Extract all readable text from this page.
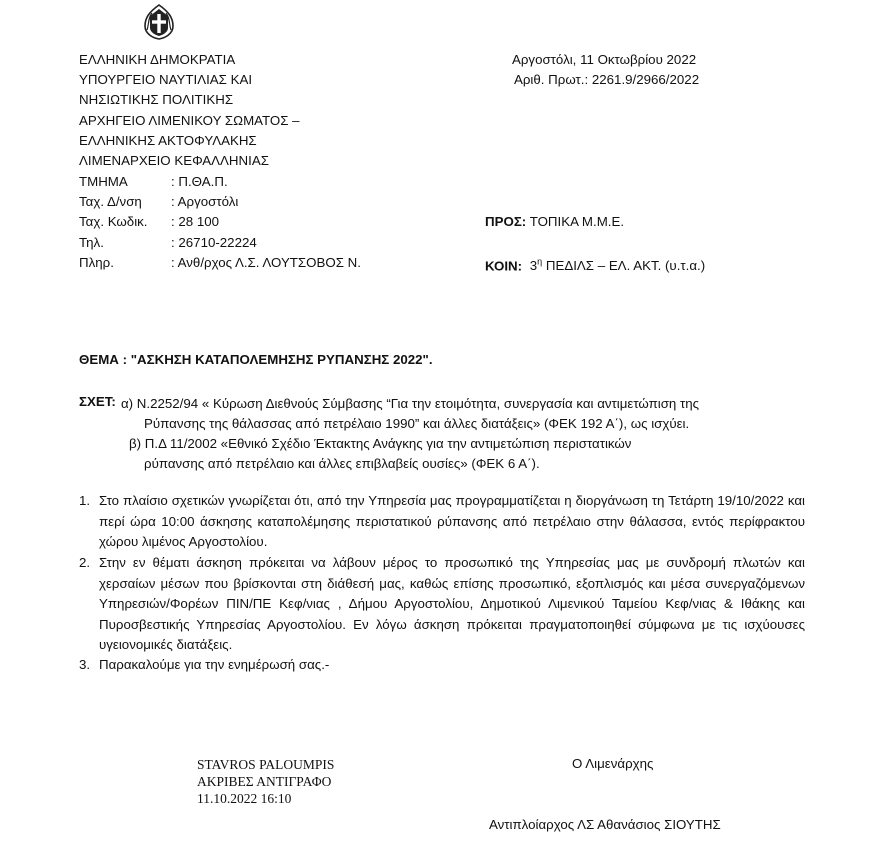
ΕΛΛΗΝΙΚΗ ΔΗΜΟΚΡΑΤΙΑ
ΥΠΟΥΡΓΕΙΟ ΝΑΥΤΙΛΙΑΣ ΚΑΙ
ΝΗΣΙΩΤΙΚΗΣ ΠΟΛΙΤΙΚΗΣ
ΑΡΧΗΓΕΙΟ ΛΙΜΕΝΙΚΟΥ ΣΩΜΑΤΟΣ –
ΕΛΛΗΝΙΚΗΣ ΑΚΤΟΦΥΛΑΚΗΣ
ΛΙΜΕΝΑΡΧΕΙΟ ΚΕΦΑΛΛΗΝΙΑΣ
Αργοστόλι, 11 Οκτωβρίου 2022
Αριθ. Πρωτ.: 2261.9/2966/2022
ΤΜΗΜΑ	: Π.ΘΑ.Π.
Ταχ. Δ/νση	: Αργοστόλι
Ταχ. Κωδικ.	: 28 100
Τηλ.	: 26710-22224
Πληρ.	: Ανθ/ρχος Λ.Σ. ΛΟΥΤΣΟΒΟΣ Ν.
ΠΡΟΣ: ΤΟΠΙΚΑ Μ.Μ.Ε.
ΚΟΙΝ: $3^\eta$ ΠΕΔΙΛΣ – ΕΛ. ΑΚΤ. (υ.τ.α.)
ΘΕΜΑ : "ΑΣΚΗΣΗ ΚΑΤΑΠΟΛΕΜΗΣΗΣ ΡΥΠΑΝΣΗΣ 2022".
ΣΧΕΤ: α) Ν.2252/94 « Κύρωση Διεθνούς Σύμβασης “Για την ετοιμότητα, συνεργασία και αντιμετώπιση της
Ρύπανσης της θάλασσας από πετρέλαιο 1990” και άλλες διατάξεις» (ΦΕΚ 192 Α΄), ως ισχύει.
β) Π.Δ 11/2002 «Εθνικό Σχέδιο Έκτακτης Ανάγκης για την αντιμετώπιση περιστατικών
ρύπανσης από πετρέλαιο και άλλες επιβλαβείς ουσίες» (ΦΕΚ 6 Α΄).
1. Στο πλαίσιο σχετικών γνωρίζεται ότι, από την Υπηρεσία μας προγραμματίζεται η διοργάνωση τη Τετάρτη 19/10/2022 και περί ώρα 10:00 άσκησης καταπολέμησης περιστατικού ρύπανσης από πετρέλαιο στην θάλασσα, εντός περίφρακτου χώρου λιμένος Αργοστολίου.
2. Στην εν θέματι άσκηση πρόκειται να λάβουν μέρος το προσωπικό της Υπηρεσίας μας με συνδρομή πλωτών και χερσαίων μέσων που βρίσκονται στη διάθεσή μας, καθώς επίσης προσωπικό, εξοπλισμός και μέσα συνεργαζόμενων Υπηρεσιών/Φορέων ΠΙΝ/ΠΕ Κεφ/νιας , Δήμου Αργοστολίου, Δημοτικού Λιμενικού Ταμείου Κεφ/νιας & Ιθάκης και Πυροσβεστικής Υπηρεσίας Αργοστολίου. Εν λόγω άσκηση πρόκειται πραγματοποιηθεί σύμφωνα με τις ισχύουσες υγειονομικές διατάξεις.
3. Παρακαλούμε για την ενημέρωσή σας.-
STAVROS PALOUMPIS
ΑΚΡΙΒΕΣ ΑΝΤΙΓΡΑΦΟ
11.10.2022 16:10
Ο Λιμενάρχης
Αντιπλοίαρχος ΛΣ Αθανάσιος ΣΙΟΥΤΗΣ
